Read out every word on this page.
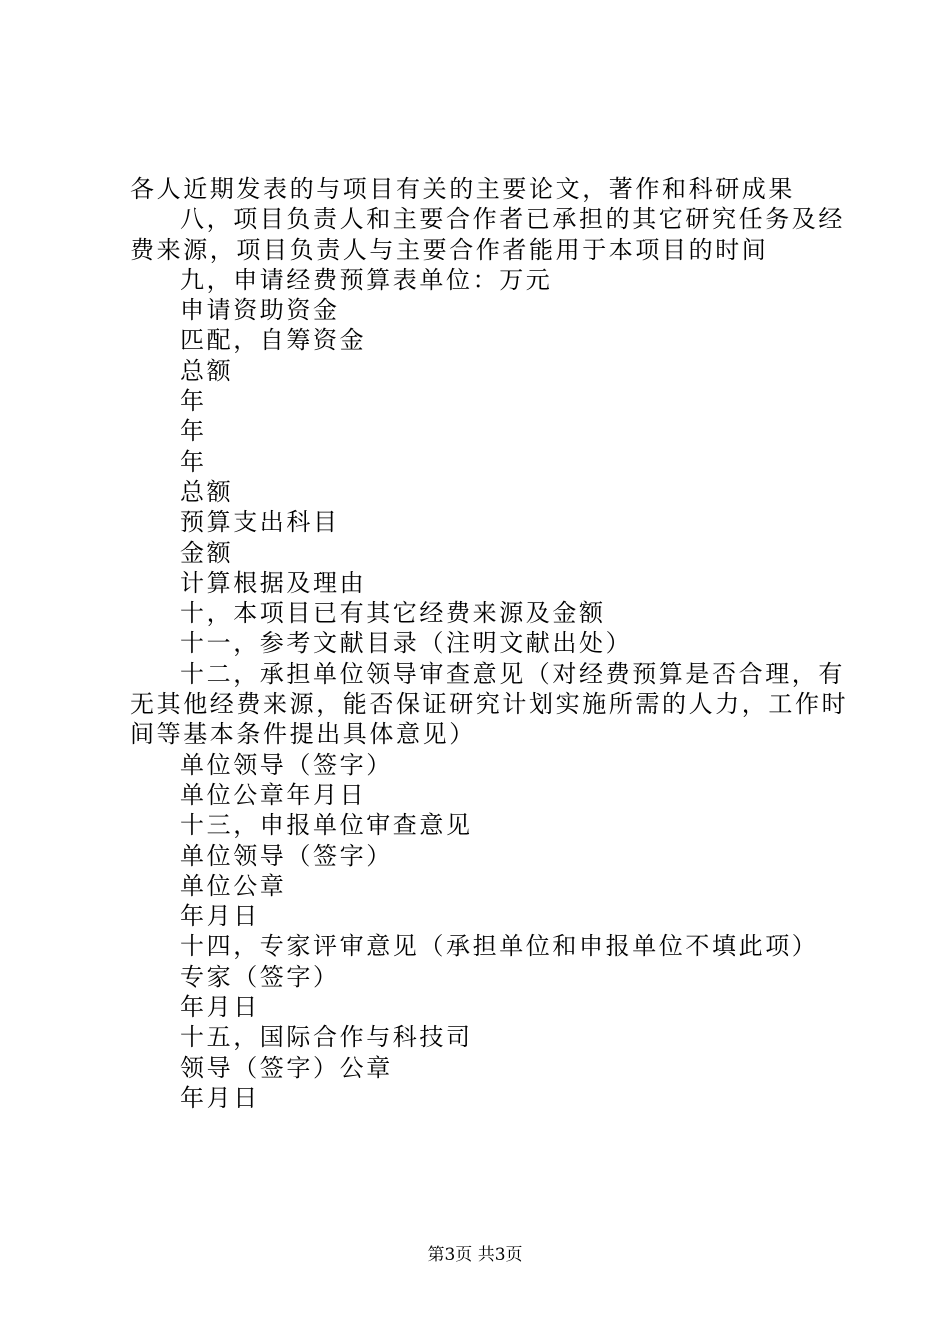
各人近期发表的与项目有关的主要论文，著作和科研成果
八，项目负责人和主要合作者已承担的其它研究任务及经
费来源，项目负责人与主要合作者能用于本项目的时间
九，申请经费预算表单位：万元
申请资助资金
匹配，自筹资金
总额
年
年
年
总额
预算支出科目
金额
计算根据及理由
十，本项目已有其它经费来源及金额
十一，参考文献目录（注明文献出处）
十二，承担单位领导审查意见（对经费预算是否合理，有
无其他经费来源，能否保证研究计划实施所需的人力，工作时
间等基本条件提出具体意见）
单位领导（签字）
单位公章年月日
十三，申报单位审查意见
单位领导（签字）
单位公章
年月日
十四，专家评审意见（承担单位和申报单位不填此项）
专家（签字）
年月日
十五，国际合作与科技司
领导（签字）公章
年月日
第3页 共3页
